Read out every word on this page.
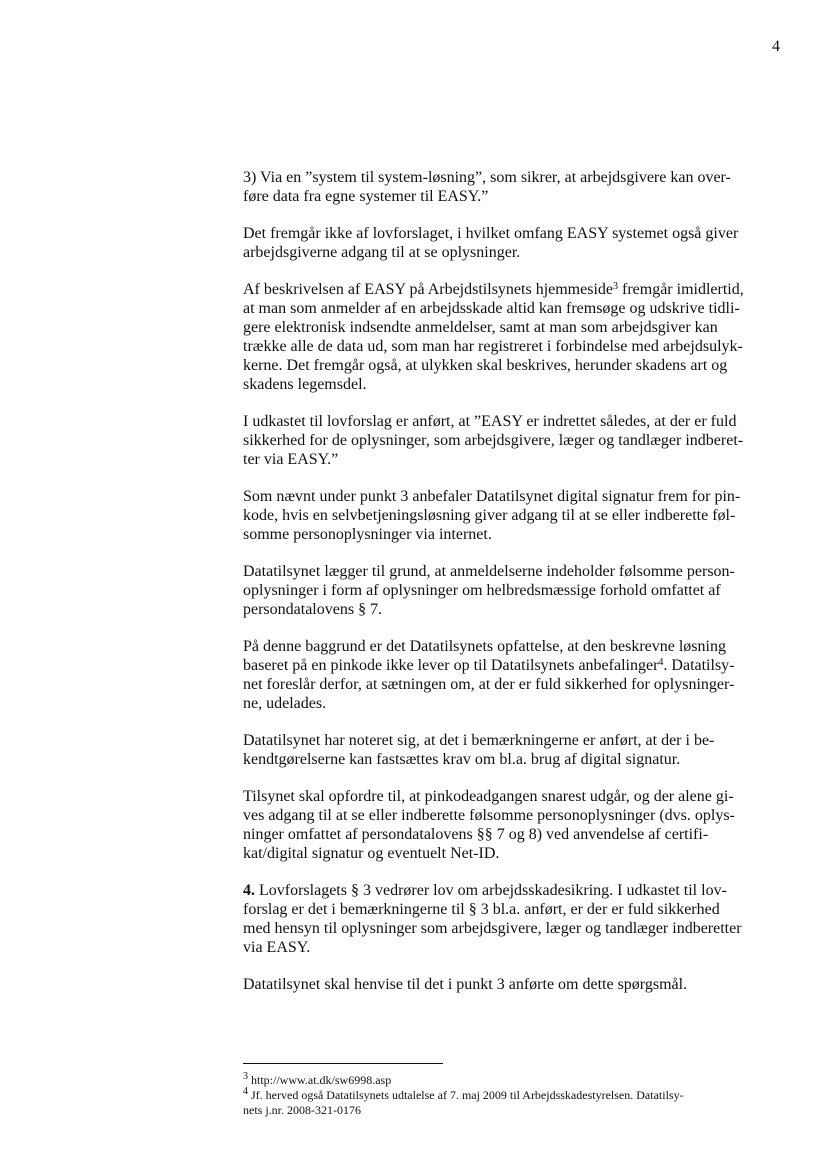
4

3) Via en ”system til system-løsning”, som sikrer, at arbejdsgivere kan over-
føre data fra egne systemer til EASY.”

Det fremgår ikke af lovforslaget, i hvilket omfang EASY systemet også giver
arbejdsgiverne adgang til at se oplysninger.

Af beskrivelsen af EASY på Arbejdstilsynets hjemmeside$^3$ fremgår imidlertid,
at man som anmelder af en arbejdsskade altid kan fremsøge og udskrive tidli-
gere elektronisk indsendte anmeldelser, samt at man som arbejdsgiver kan
trække alle de data ud, som man har registreret i forbindelse med arbejdsulyk-
kerne. Det fremgår også, at ulykken skal beskrives, herunder skadens art og
skadens legemsdel.

I udkastet til lovforslag er anført, at ”EASY er indrettet således, at der er fuld
sikkerhed for de oplysninger, som arbejdsgivere, læger og tandlæger indberet-
ter via EASY.”

Som nævnt under punkt 3 anbefaler Datatilsynet digital signatur frem for pin-
kode, hvis en selvbetjeningsløsning giver adgang til at se eller indberette føl-
somme personoplysninger via internet.

Datatilsynet lægger til grund, at anmeldelserne indeholder følsomme person-
oplysninger i form af oplysninger om helbredsmæssige forhold omfattet af
persondatalovens § 7.

På denne baggrund er det Datatilsynets opfattelse, at den beskrevne løsning
baseret på en pinkode ikke lever op til Datatilsynets anbefalinger$^4$. Datatilsy-
net foreslår derfor, at sætningen om, at der er fuld sikkerhed for oplysninger-
ne, udelades.

Datatilsynet har noteret sig, at det i bemærkningerne er anført, at der i be-
kendtgørelserne kan fastsættes krav om bl.a. brug af digital signatur.

Tilsynet skal opfordre til, at pinkodeadgangen snarest udgår, og der alene gi-
ves adgang til at se eller indberette følsomme personoplysninger (dvs. oplys-
ninger omfattet af persondatalovens §§ 7 og 8) ved anvendelse af certifi-
kat/digital signatur og eventuelt Net-ID.

4. Lovforslagets § 3 vedrører lov om arbejdsskadesikring. I udkastet til lov-
forslag er det i bemærkningerne til § 3 bl.a. anført, er der er fuld sikkerhed
med hensyn til oplysninger som arbejdsgivere, læger og tandlæger indberetter
via EASY.

Datatilsynet skal henvise til det i punkt 3 anførte om dette spørgsmål.

$^3$ http://www.at.dk/sw6998.asp
$^4$ Jf. herved også Datatilsynets udtalelse af 7. maj 2009 til Arbejdsskadestyrelsen. Datatilsy-
nets j.nr. 2008-321-0176
